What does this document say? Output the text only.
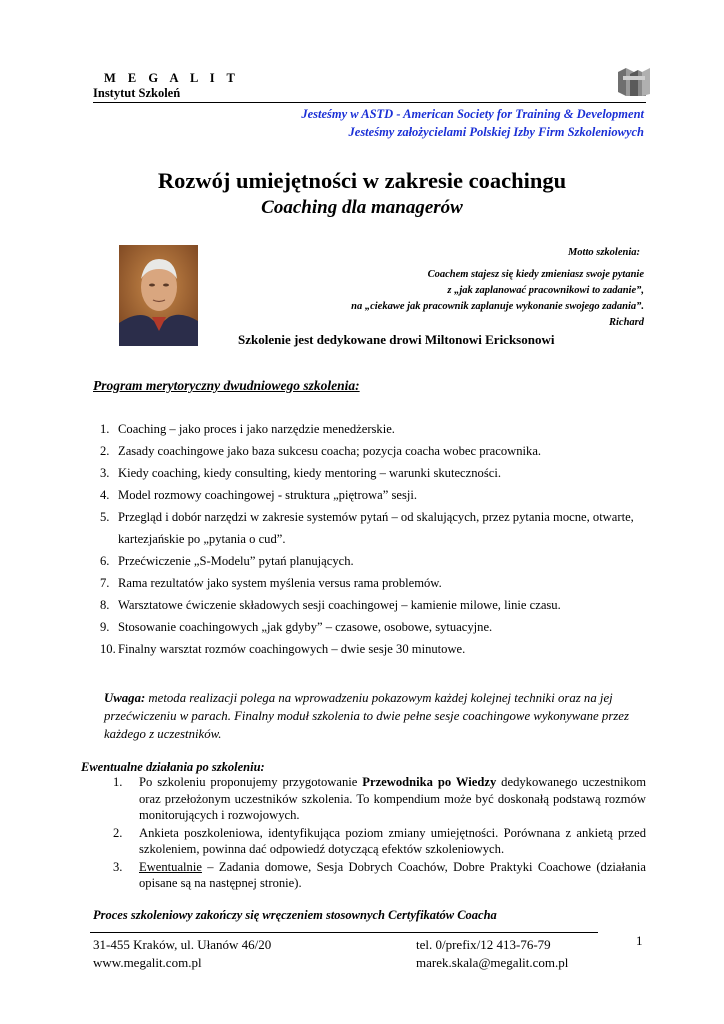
M E G A L I T
Instytut Szkoleń
Jesteśmy w ASTD - American Society for Training & Development
Jesteśmy założycielami Polskiej Izby Firm Szkoleniowych
Rozwój umiejętności w zakresie coachingu
Coaching dla managerów
Motto szkolenia:
Coachem stajesz się kiedy zmieniasz swoje pytanie
z „jak zaplanować pracownikowi to zadanie”,
na „ciekawe jak pracownik zaplanuje wykonanie swojego zadania”.
Richard
Szkolenie jest dedykowane drowi Miltonowi Ericksonowi
Program merytoryczny dwudniowego szkolenia:
1. Coaching – jako proces i jako narzędzie menedżerskie.
2. Zasady coachingowe jako baza sukcesu coacha; pozycja coacha wobec pracownika.
3. Kiedy coaching, kiedy consulting, kiedy mentoring – warunki skuteczności.
4. Model rozmowy coachingowej - struktura „piętrowa” sesji.
5. Przegląd i dobór narzędzi w zakresie systemów pytań – od skalujących, przez pytania mocne, otwarte, kartezjańskie po „pytania o cud”.
6. Przećwiczenie „S-Modelu” pytań planujących.
7. Rama rezultatów jako system myślenia versus rama problemów.
8. Warsztatowe ćwiczenie składowych sesji coachingowej – kamienie milowe, linie czasu.
9. Stosowanie coachingowych „jak gdyby” – czasowe, osobowe, sytuacyjne.
10. Finalny warsztat rozmów coachingowych – dwie sesje 30 minutowe.
Uwaga: metoda realizacji polega na wprowadzeniu pokazowym każdej kolejnej techniki oraz na jej przećwiczeniu w parach. Finalny moduł szkolenia to dwie pełne sesje coachingowe wykonywane przez każdego z uczestników.
Ewentualne działania po szkoleniu:
1.	Po szkoleniu proponujemy przygotowanie Przewodnika po Wiedzy dedykowanego uczestnikom oraz przełożonym uczestników szkolenia. To kompendium może być doskonałą podstawą rozmów monitorujących i rozwojowych.
2.	Ankieta poszkoleniowa, identyfikująca poziom zmiany umiejętności. Porównana z ankietą przed szkoleniem, powinna dać odpowiedź dotyczącą efektów szkoleniowych.
3.	Ewentualnie – Zadania domowe, Sesja Dobrych Coachów, Dobre Praktyki Coachowe (działania opisane są na następnej stronie).
Proces szkoleniowy zakończy się wręczeniem stosownych Certyfikatów Coacha
31-455 Kraków, ul. Ułanów 46/20
www.megalit.com.pl
tel. 0/prefix/12 413-76-79
marek.skala@megalit.com.pl
1
